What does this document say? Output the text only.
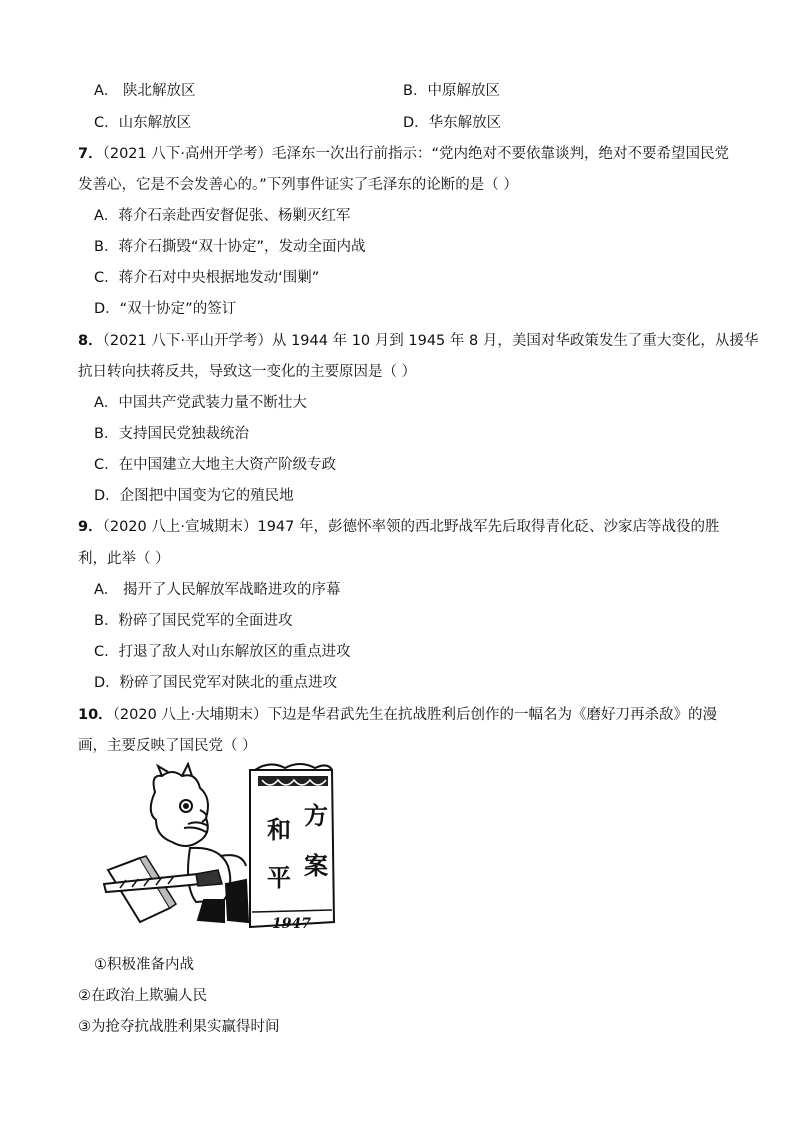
A． 陕北解放区	B．中原解放区
C．山东解放区	D．华东解放区
7．（2021 八下·高州开学考）毛泽东一次出行前指示：“党内绝对不要依靠谈判，绝对不要希望国民党
发善心，它是不会发善心的。”下列事件证实了毛泽东的论断的是（ ）
A．蒋介石亲赴西安督促张、杨剿灭红军
B．蒋介石撕毁“双十协定”，发动全面内战
C．蒋介石对中央根据地发动‘围剿”
D．“双十协定”的签订
8．（2021 八下·平山开学考）从 1944 年 10 月到 1945 年 8 月，美国对华政策发生了重大变化，从援华
抗日转向扶蒋反共，导致这一变化的主要原因是（ ）
A．中国共产党武装力量不断壮大
B．支持国民党独裁统治
C．在中国建立大地主大资产阶级专政
D．企图把中国变为它的殖民地
9．（2020 八上·宣城期末）1947 年，彭德怀率领的西北野战军先后取得青化砭、沙家店等战役的胜
利，此举（ ）
A． 揭开了人民解放军战略进攻的序幕
B．粉碎了国民党军的全面进攻
C．打退了敌人对山东解放区的重点进攻
D．粉碎了国民党军对陕北的重点进攻
10．（2020 八上·大埔期末）下边是华君武先生在抗战胜利后创作的一幅名为《磨好刀再杀敌》的漫
画，主要反映了国民党（ ）
方
和
案
平
1947
①积极准备内战
②在政治上欺骗人民
③为抢夺抗战胜利果实赢得时间
